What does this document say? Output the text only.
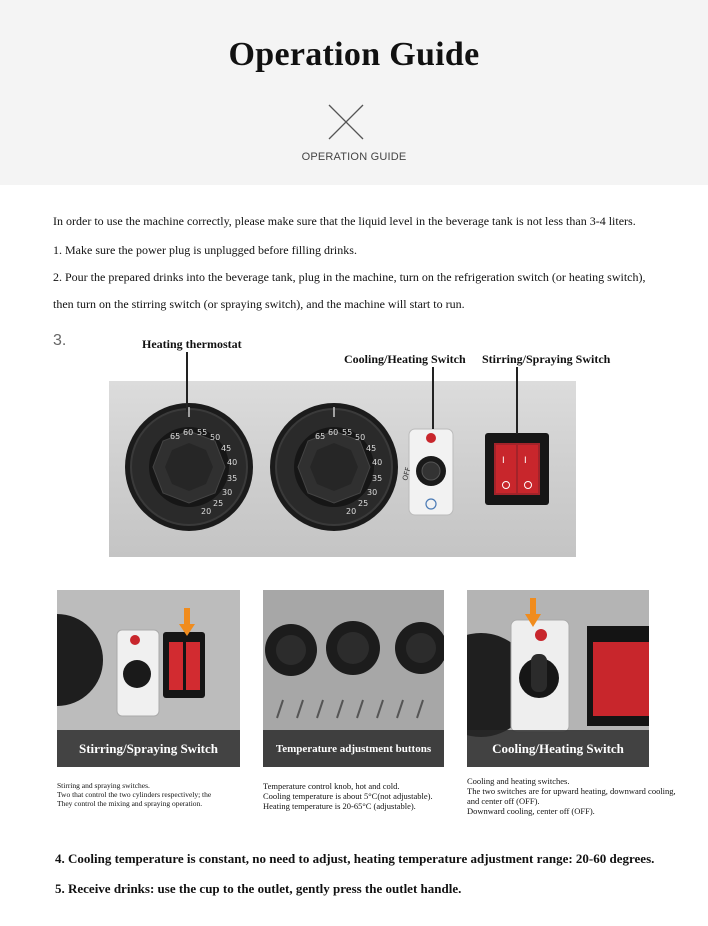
Operation Guide
OPERATION GUIDE
In order to use the machine correctly, please make sure that the liquid level in the beverage tank is not less than 3-4 liters.
1. Make sure the power plug is unplugged before filling drinks.
2. Pour the prepared drinks into the beverage tank, plug in the machine, turn on the refrigeration switch (or heating switch),
then turn on the stirring switch (or spraying switch), and the machine will start to run.
3.	Heating thermostat
Cooling/Heating Switch Stirring/Spraying Switch
65 60 55
50
45
40
35
30
25
20
65 60 55
50
45
40
35
30
25
20
OFF
I I
Stirring/Spraying Switch	Temperature adjustment buttons	Cooling/Heating Switch
Stirring and spraying switches.
Two that control the two cylinders respectively; the
They control the mixing and spraying operation.
Temperature control knob, hot and cold.
Cooling temperature is about 5°C(not adjustable).
Heating temperature is 20-65°C (adjustable).
Cooling and heating switches.
The two switches are for upward heating, downward cooling,
and center off (OFF).
Downward cooling, center off (OFF).
4. Cooling temperature is constant, no need to adjust, heating temperature adjustment range: 20-60 degrees.
5. Receive drinks: use the cup to the outlet, gently press the outlet handle.
